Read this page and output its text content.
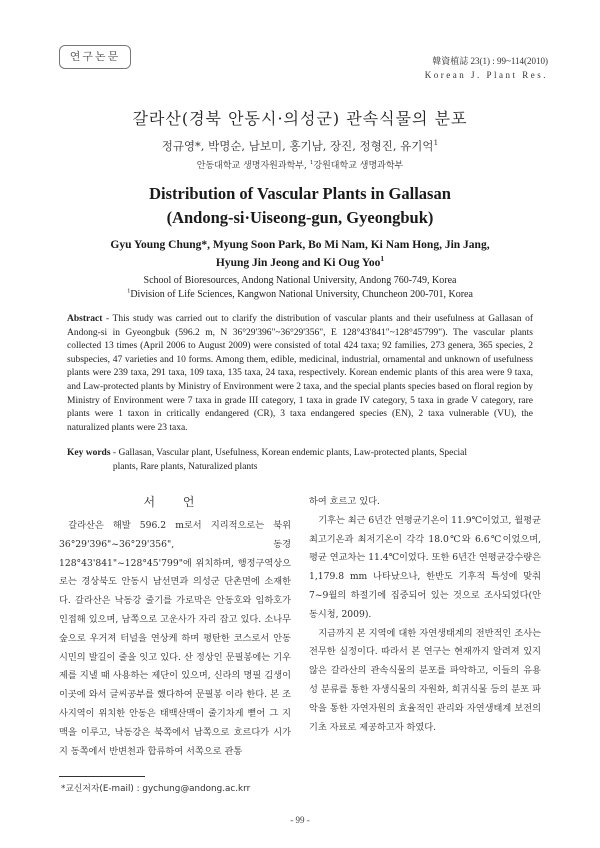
연구논문	韓資植誌 23(1) : 99~114(2010)
Korean J. Plant Res.
갈라산(경북 안동시·의성군) 관속식물의 분포
정규영*, 박명순, 남보미, 홍기남, 장진, 정형진, 유기억$^1$
안동대학교 생명자원과학부, $^1$강원대학교 생명과학부
Distribution of Vascular Plants in Gallasan
(Andong-si·Uiseong-gun, Gyeongbuk)
Gyu Young Chung*, Myung Soon Park, Bo Mi Nam, Ki Nam Hong, Jin Jang,
Hyung Jin Jeong and Ki Oug Yoo$^1$
School of Bioresources, Andong National University, Andong 760-749, Korea
$^1$Division of Life Sciences, Kangwon National University, Chuncheon 200-701, Korea

Abstract - This study was carried out to clarify the distribution of vascular plants and their usefulness at Gallasan of Andong-si in Gyeongbuk (596.2 m, N 36°29'396"~36°29'356", E 128°43'841"~128°45'799"). The vascular plants collected 13 times (April 2006 to August 2009) were consisted of total 424 taxa; 92 families, 273 genera, 365 species, 2 subspecies, 47 varieties and 10 forms. Among them, edible, medicinal, industrial, ornamental and unknown of usefulness plants were 239 taxa, 291 taxa, 109 taxa, 135 taxa, 24 taxa, respectively. Korean endemic plants of this area were 9 taxa, and Law-protected plants by Ministry of Environment were 2 taxa, and the special plants species based on floral region by Ministry of Environment were 7 taxa in grade III category, 1 taxa in grade IV category, 5 taxa in grade V category, rare plants were 1 taxon in critically endangered (CR), 3 taxa endangered species (EN), 2 taxa vulnerable (VU), the naturalized plants were 23 taxa.

Key words - Gallasan, Vascular plant, Usefulness, Korean endemic plants, Law-protected plants, Special plants, Rare plants, Naturalized plants
서 언

갈라산은 해발 596.2 m로서 지리적으로는 북위 36°29'396"~36°29'356", 동경 128°43'841"~128°45'799"에 위치하며, 행정구역상으로는 경상북도 안동시 남선면과 의성군 단촌면에 소재한다. 갈라산은 낙동강 줄기를 가로막은 안동호와 임하호가 인접해 있으며, 남쪽으로 고운사가 자리 잡고 있다. 소나무 숲으로 우거져 터널을 연상케 하며 평탄한 코스로서 안동시민의 발길이 줄을 잇고 있다. 산 정상인 문필봉에는 기우제를 지낼 때 사용하는 제단이 있으며, 신라의 명필 김생이 이곳에 와서 글씨공부를 했다하여 문필봉 이라 한다. 본 조사지역이 위치한 안동은 태백산맥이 줄기차게 뻗어 그 지맥을 이루고, 낙동강은 북쪽에서 남쪽으로 흐르다가 시가지 동쪽에서 반변천과 합류하여 서쪽으로 관통

하여 흐르고 있다.

기후는 최근 6년간 연평균기온이 11.9℃이었고, 월평균 최고기온과 최저기온이 각각 18.0℃와 6.6℃이었으며, 평균 연교차는 11.4℃이었다. 또한 6년간 연평균강수량은 1,179.8 mm 나타났으나, 한반도 기후적 특성에 맞춰 7~9월의 하절기에 집중되어 있는 것으로 조사되었다(안동시청, 2009).

지금까지 본 지역에 대한 자연생태계의 전반적인 조사는 전무한 실정이다. 따라서 본 연구는 현재까지 알려져 있지 않은 갈라산의 관속식물의 분포를 파악하고, 이들의 유용성 분류를 통한 자생식물의 자원화, 희귀식물 등의 분포 파악을 통한 자연자원의 효율적인 관리와 자연생태계 보전의 기초 자료로 제공하고자 하였다.

*교신저자(E-mail) : gychung@andong.ac.krr
- 99 -
